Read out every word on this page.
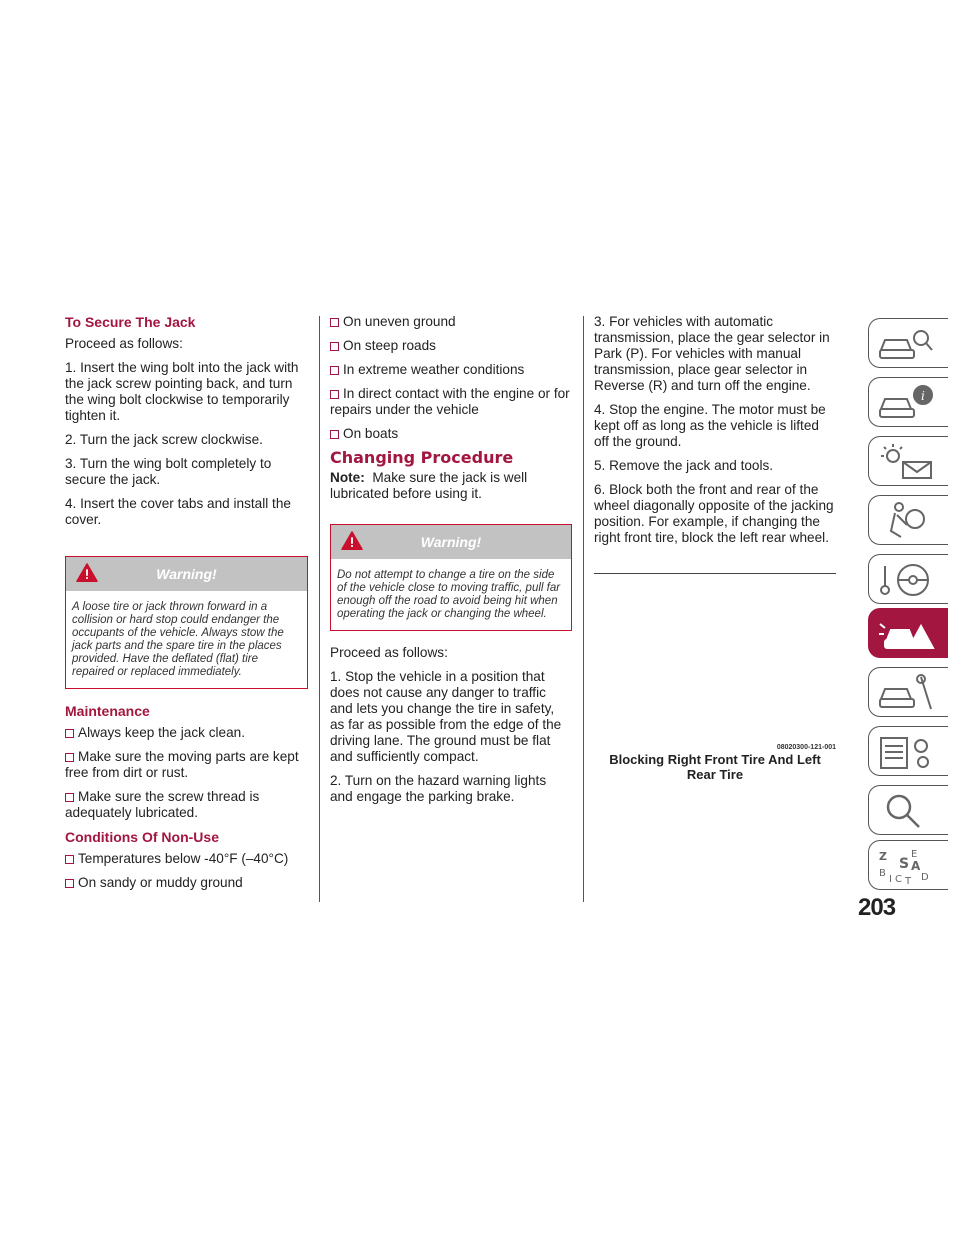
To Secure The Jack

Proceed as follows:

1. Insert the wing bolt into the jack with the jack screw pointing back, and turn the wing bolt clockwise to temporarily tighten it.

2. Turn the jack screw clockwise.

3. Turn the wing bolt completely to secure the jack.

4. Insert the cover tabs and install the cover.

Warning!
A loose tire or jack thrown forward in a collision or hard stop could endanger the occupants of the vehicle. Always stow the jack parts and the spare tire in the places provided. Have the deflated (flat) tire repaired or replaced immediately.
Maintenance
Always keep the jack clean.
Make sure the moving parts are kept free from dirt or rust.
Make sure the screw thread is adequately lubricated.
Conditions Of Non-Use
Temperatures below -40°F (–40°C)
On sandy or muddy ground
On uneven ground
On steep roads
In extreme weather conditions
In direct contact with the engine or for repairs under the vehicle
On boats
Changing Procedure

Note: Make sure the jack is well lubricated before using it.

Warning!
Do not attempt to change a tire on the side of the vehicle close to moving traffic, pull far enough off the road to avoid being hit when operating the jack or changing the wheel.

Proceed as follows:

1. Stop the vehicle in a position that does not cause any danger to traffic and lets you change the tire in safety, as far as possible from the edge of the driving lane. The ground must be flat and sufficiently compact.

2. Turn on the hazard warning lights and engage the parking brake.

3. For vehicles with automatic transmission, place the gear selector in Park (P). For vehicles with manual transmission, place gear selector in Reverse (R) and turn off the engine.

4. Stop the engine. The motor must be kept off as long as the vehicle is lifted off the ground.

5. Remove the jack and tools.

6. Block both the front and rear of the wheel diagonally opposite of the jacking position. For example, if changing the right front tire, block the left rear wheel.

08020300-121-001
Blocking Right Front Tire And Left Rear Tire
i
Z S
E
A
B
I C T D
203
